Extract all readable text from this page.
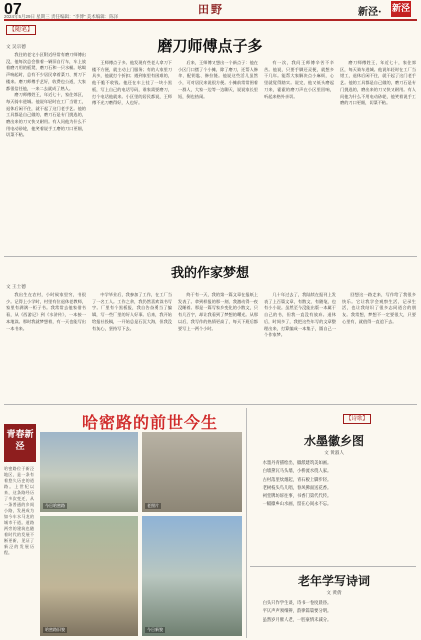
07
2024年5月29日 星期三 责任编辑：“李博” 美术编辑：陈泽
田野	新泾· 新泾
【随笔】
磨刀师傅点子多
文 吴宗德

我住的老宅小区附近经常有磨刀师傅出没，他每次总会推着一辆旧自行车，车上放着磨刀用的板凳、磨刀石和一只水桶。吆喝声响起时，总有不少居民拿着菜刀、剪刀下楼来。磨刀师傅手艺好，收费也公道，大家都很信任他，一来二去就成了熟人。

磨刀师傅姓王，年近七十，家住郊区，每天骑车进城。他说年轻时在工厂当钳工，退休后闲不住，就干起了这门老手艺。他的工具都是自己做的，磨刀石是专门挑选的，磨出来的刀又快又耐用。有人问他为什么不用电动砂轮，他笑着说手工磨的刀口更细，切菜不粘。

王师傅点子多。他发现有些老人拿刀下楼不方便，就主动上门服务；有的人家里刀具多，他就打个折扣；遇到家里有困难的，他干脆不收钱。他还在车上挂了一块小黑板，写上自己的电话号码，谁家需要磨刀，打个电话他就来。小区里的居民都说，王师傅不光刀磨得好，人也好。

后来，王师傅又想出一个新点子：他在小区门口摆了个小摊，除了磨刀，还帮人修伞、配钥匙、修拉链。他说这些活儿虽然小，可对居民来说很方便。小摊前常常围着一群人，大家一边等一边聊天，说说家长里短，倒也热闹。

有一次，我问王师傅辛苦不辛苦。他说，只要手脚还灵便，就想多干几年。能帮大家解决点小麻烦，心里就觉得踏实。说完，他又低头磨起刀来，霍霍的磨刀声在小区里回响，听起来格外亲切。

磨刀师傅姓王，年近七十，家住郊区，每天骑车进城。他说年轻时在工厂当钳工，退休后闲不住，就干起了这门老手艺。他的工具都是自己做的，磨刀石是专门挑选的，磨出来的刀又快又耐用。有人问他为什么不用电动砂轮，他笑着说手工磨的刀口更细，切菜不粘。

我的作家梦想
文 王士德

我出生在农村，小时候家里穷，书很少。记得上小学时，村里有位退休老教师，家里有满满一柜子书。我常常去他家借书看，从《西游记》到《水浒传》，一本接一本地读。那时我就梦想着，有一天也能写出一本书来。

中学毕业后，我参加了工作，在工厂当了一名工人。工作之余，我仍然喜欢读书写字。厂里有个黑板报，我自告奋勇当了编辑，写一些厂里的好人好事。后来，我开始给报社投稿，一开始总是石沉大海，但我没有灰心，坚持写下去。

终于有一天，我的第一篇文章在报纸上发表了。拿到样报的那一刻，我激动得一夜没睡着。那是一篇写家乡变化的小散文，只有几百字，却让我看到了梦想的曙光。从那以后，我写作的热情更高了，每天下班后都要写上一两个小时。

几十年过去了，我陆续在报刊上发表了上百篇文章，有散文、有随笔，也有小小说。虽然至今没能出版一本属于自己的书，但我一直没有放弃。退休后，时间多了，我把这些年写的文章整理出来，打算编成一本集子，圆自己一个作家梦。

回想这一路走来，写作给了我很多快乐。它让我学会观察生活，记录生活，也让我结识了很多志同道合的朋友。我常想，梦想不一定要很大，只要心里有，就值得一直追下去。

青春新泾
哈密路的前世今生
哈密路位于新泾地区，是一条有着悠久历史的道路。上世纪以来，这条路经历了多次变迁，从一条普通的乡间小路，发展成为如今车水马龙的城市干道。道路两旁的建筑也随着时代的发展不断更新，见证了新泾的发展历程。
今日哈密路	老照片
哈密路旧貌	今日新貌
【诗歌】
水墨徽乡图
文 黄淑人
水墨丹青描绘出，徽派建筑美如画。
白墙黛瓦马头墙，小桥流水绕人家。
古村落里炊烟起，青石板上脚步轻。
老树枝头鸟儿唱，春风拂面送花香。
祠堂牌坊诉往事，书香门第代代传。
一幅徽乡山水画，留在心间永不忘。
老年学写诗词
文 黄倩
白头只作学生谈，诗书一卷度晨昏。
平仄声声须细辨，韵律篇篇要分明。
虽然岁月催人老，一腔豪情未减分。
